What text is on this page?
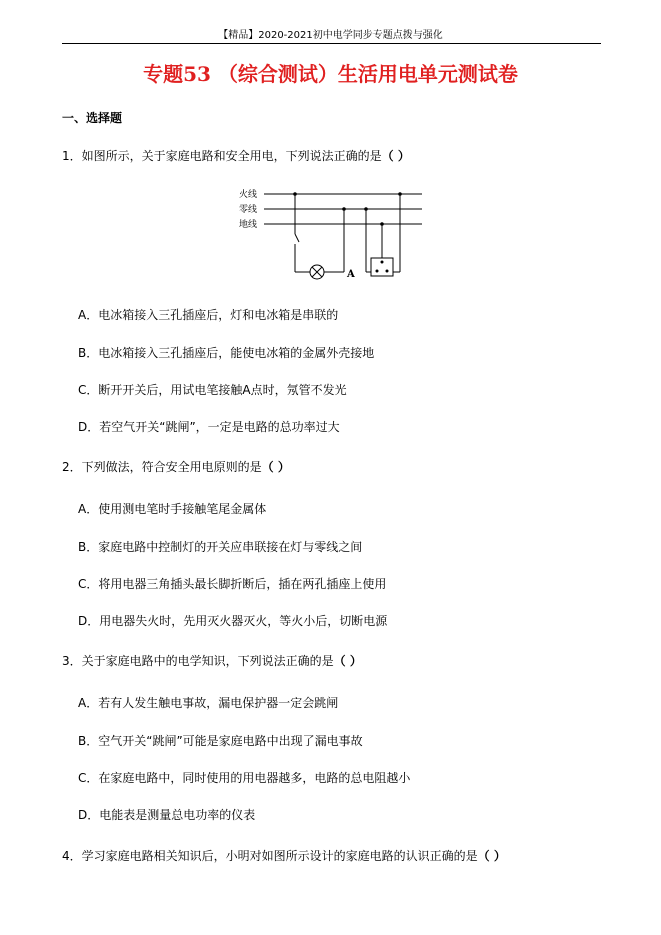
【精品】2020-2021初中电学同步专题点拨与强化
专题53 （综合测试）生活用电单元测试卷
一、选择题
1．如图所示，关于家庭电路和安全用电，下列说法正确的是（ ）
火线
零线
地线
A
A．电冰箱接入三孔插座后，灯和电冰箱是串联的
B．电冰箱接入三孔插座后，能使电冰箱的金属外壳接地
C．断开开关后，用试电笔接触A点时，氖管不发光
D．若空气开关“跳闸”，一定是电路的总功率过大
2．下列做法，符合安全用电原则的是（ ）
A．使用测电笔时手接触笔尾金属体
B．家庭电路中控制灯的开关应串联接在灯与零线之间
C．将用电器三角插头最长脚折断后，插在两孔插座上使用
D．用电器失火时，先用灭火器灭火，等火小后，切断电源
3．关于家庭电路中的电学知识，下列说法正确的是（ ）
A．若有人发生触电事故，漏电保护器一定会跳闸
B．空气开关“跳闸”可能是家庭电路中出现了漏电事故
C．在家庭电路中，同时使用的用电器越多，电路的总电阻越小
D．电能表是测量总电功率的仪表
4．学习家庭电路相关知识后，小明对如图所示设计的家庭电路的认识正确的是（ ）
